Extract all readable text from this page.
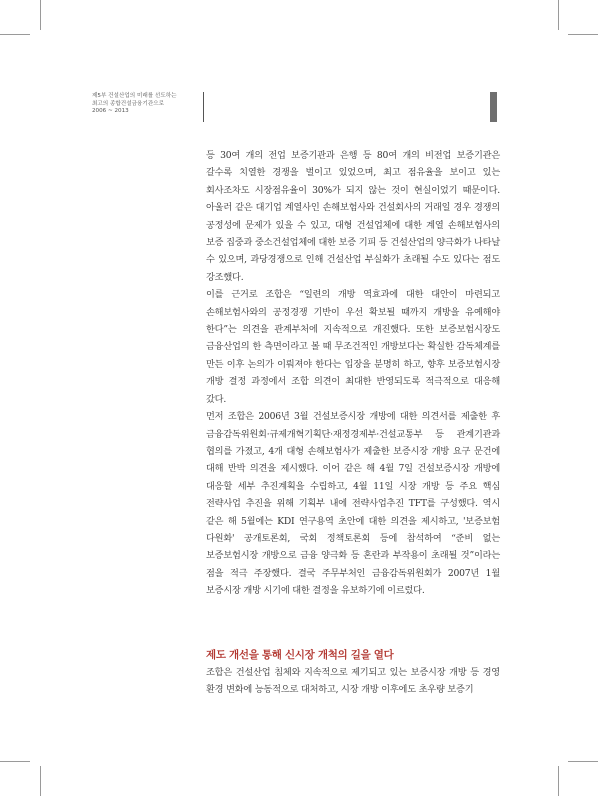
제5부 건설산업의 미래를 선도하는
최고의 종합건설금융기관으로
2006 ~ 2013

등 30여 개의 전업 보증기관과 은행 등 80여 개의 비전업 보증기관은 갈수록 치열한 경쟁을 벌이고 있었으며, 최고 점유율을 보이고 있는 회사조차도 시장점유율이 30%가 되지 않는 것이 현실이었기 때문이다. 아울러 같은 대기업 계열사인 손해보험사와 건설회사의 거래일 경우 경쟁의 공정성에 문제가 있을 수 있고, 대형 건설업체에 대한 계열 손해보험사의 보증 집중과 중소건설업체에 대한 보증 기피 등 건설산업의 양극화가 나타날 수 있으며, 과당경쟁으로 인해 건설산업 부실화가 초래될 수도 있다는 점도 강조했다.

이를 근거로 조합은 “일련의 개방 역효과에 대한 대안이 마련되고 손해보험사와의 공정경쟁 기반이 우선 확보될 때까지 개방을 유예해야 한다”는 의견을 관계부처에 지속적으로 개진했다. 또한 보증보험시장도 금융산업의 한 측면이라고 볼 때 무조건적인 개방보다는 확실한 감독체계를 만든 이후 논의가 이뤄져야 한다는 입장을 분명히 하고, 향후 보증보험시장 개방 결정 과정에서 조합 의견이 최대한 반영되도록 적극적으로 대응해 갔다.

먼저 조합은 2006년 3월 건설보증시장 개방에 대한 의견서를 제출한 후 금융감독위원회·규제개혁기획단·재정경제부·건설교통부 등 관계기관과 협의를 가졌고, 4개 대형 손해보험사가 제출한 보증시장 개방 요구 문건에 대해 반박 의견을 제시했다. 이어 같은 해 4월 7일 건설보증시장 개방에 대응할 세부 추진계획을 수립하고, 4월 11일 시장 개방 등 주요 핵심 전략사업 추진을 위해 기획부 내에 전략사업추진 TFT를 구성했다. 역시 같은 해 5월에는 KDI 연구용역 초안에 대한 의견을 제시하고, '보증보험 다원화' 공개토론회, 국회 정책토론회 등에 참석하여 “준비 없는 보증보험시장 개방으로 금융 양극화 등 혼란과 부작용이 초래될 것”이라는 점을 적극 주장했다. 결국 주무부처인 금융감독위원회가 2007년 1월 보증시장 개방 시기에 대한 결정을 유보하기에 이르렀다.

제도 개선을 통해 신시장 개척의 길을 열다

조합은 건설산업 침체와 지속적으로 제기되고 있는 보증시장 개방 등 경영 환경 변화에 능동적으로 대처하고, 시장 개방 이후에도 초우량 보증기
